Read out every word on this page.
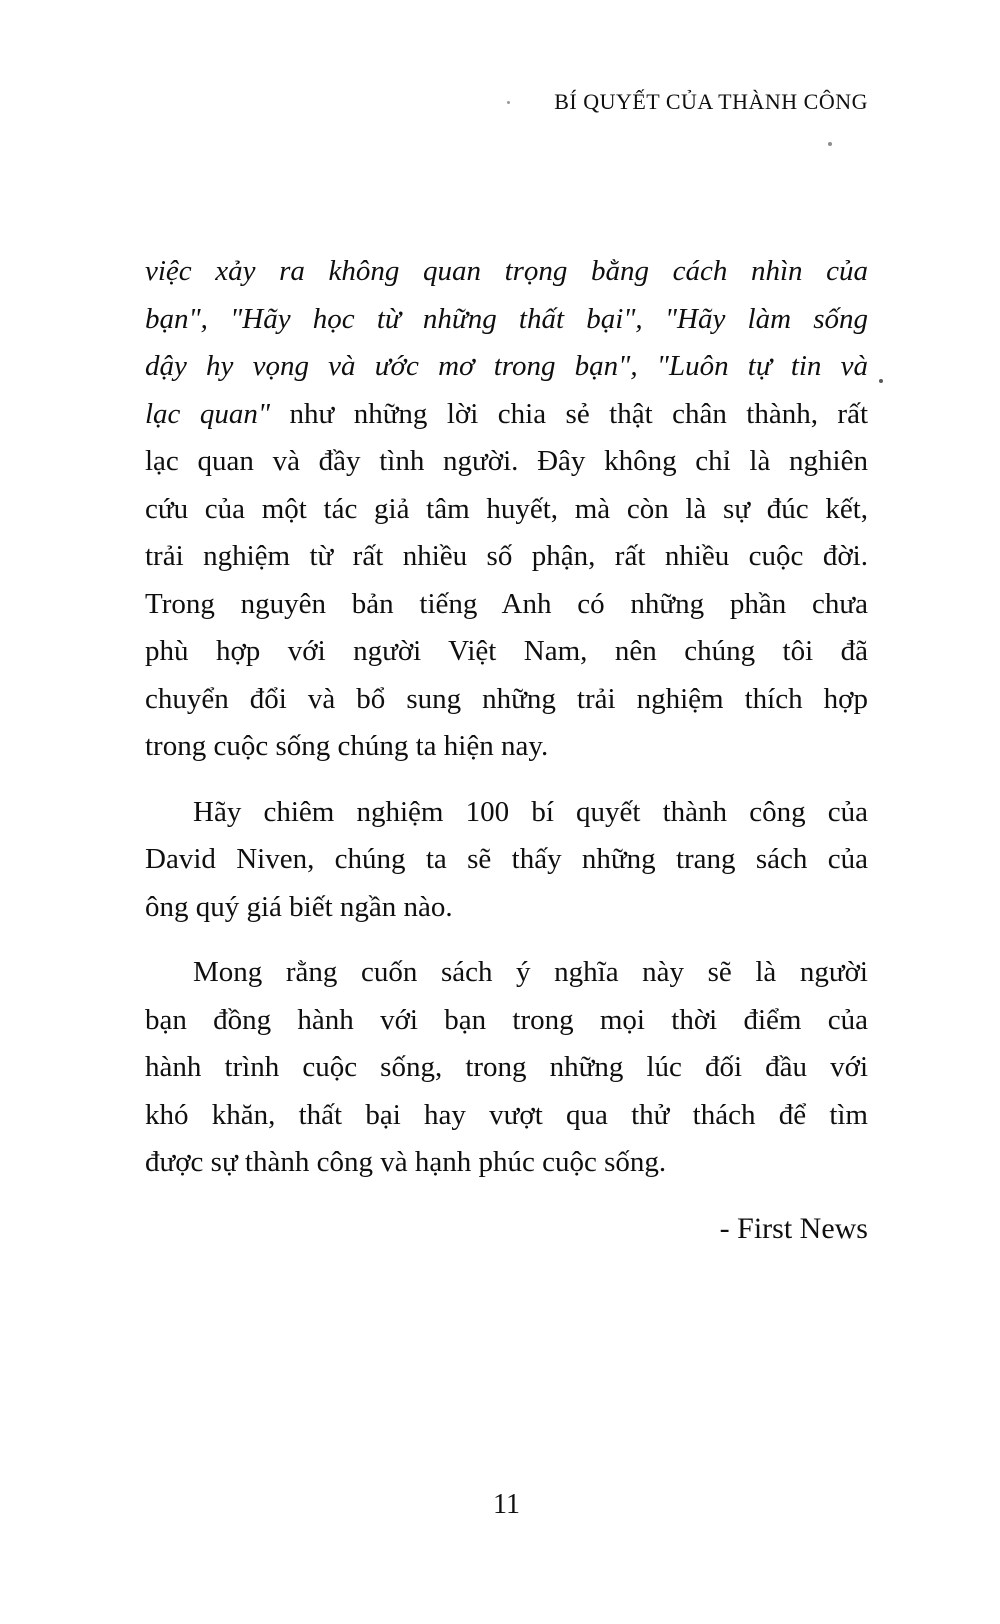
BÍ QUYẾT CỦA THÀNH CÔNG
việc xảy ra không quan trọng bằng cách nhìn của
bạn", "Hãy học từ những thất bại", "Hãy làm sống
dậy hy vọng và ước mơ trong bạn", "Luôn tự tin và
lạc quan" như những lời chia sẻ thật chân thành, rất
lạc quan và đầy tình người. Đây không chỉ là nghiên
cứu của một tác giả tâm huyết, mà còn là sự đúc kết,
trải nghiệm từ rất nhiều số phận, rất nhiều cuộc đời.
Trong nguyên bản tiếng Anh có những phần chưa
phù hợp với người Việt Nam, nên chúng tôi đã
chuyển đổi và bổ sung những trải nghiệm thích hợp
trong cuộc sống chúng ta hiện nay.
Hãy chiêm nghiệm 100 bí quyết thành công của
David Niven, chúng ta sẽ thấy những trang sách của
ông quý giá biết ngần nào.
Mong rằng cuốn sách ý nghĩa này sẽ là người
bạn đồng hành với bạn trong mọi thời điểm của
hành trình cuộc sống, trong những lúc đối đầu với
khó khăn, thất bại hay vượt qua thử thách để tìm
được sự thành công và hạnh phúc cuộc sống.
- First News
11
